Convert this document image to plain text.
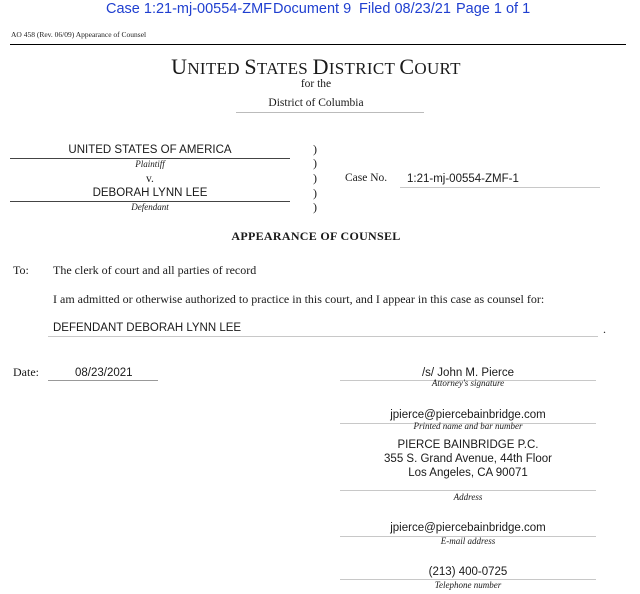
Case 1:21-mj-00554-ZMF Document 9 Filed 08/23/21 Page 1 of 1
AO 458 (Rev. 06/09) Appearance of Counsel
UNITED STATES DISTRICT COURT
for the
District of Columbia
UNITED STATES OF AMERICA
Plaintiff
v.
DEBORAH LYNN LEE
Defendant
)
)
)
)
)
Case No. 1:21-mj-00554-ZMF-1
APPEARANCE OF COUNSEL
To: The clerk of court and all parties of record
I am admitted or otherwise authorized to practice in this court, and I appear in this case as counsel for:
DEFENDANT DEBORAH LYNN LEE	.
Date:	08/23/2021	/s/ John M. Pierce
Attorney's signature
jpierce@piercebainbridge.com
Printed name and bar number
PIERCE BAINBRIDGE P.C.
355 S. Grand Avenue, 44th Floor
Los Angeles, CA 90071
Address
jpierce@piercebainbridge.com
E-mail address
(213) 400-0725
Telephone number
